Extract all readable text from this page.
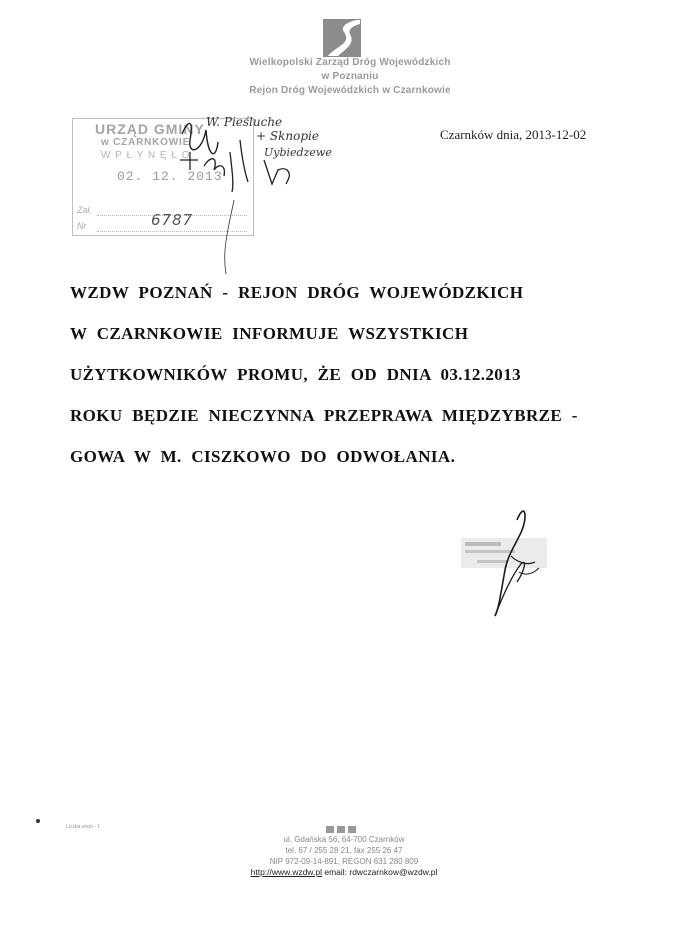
Wielkopolski Zarząd Dróg Wojewódzkich
w Poznaniu
Rejon Dróg Wojewódzkich w Czarnkowie
Czarnków dnia, 2013-12-02
URZĄD GMINY
w CZARNKOWIE
W P Ł Y N Ę Ł O
02. 12. 2013
Zał.
Nr	6787
W. Pieśluche
+ Sknopie
Uybiedzewe
WZDW POZNAŃ - REJON DRÓG WOJEWÓDZKICH
W CZARNKOWIE INFORMUJE WSZYSTKICH
UŻYTKOWNIKÓW PROMU, ŻE OD DNIA 03.12.2013
ROKU BĘDZIE NIECZYNNA PRZEPRAWA MIĘDZYBRZE -
GOWA W M. CISZKOWO DO ODWOŁANIA.
Liczba stron - 1
ul. Gdańska 56, 64-700 Czarnków
tel. 67 / 255 28 21, fax 255 26 47
NIP 972-09-14-891, REGON 631 280 809
http://www.wzdw.pl email: rdwczarnkow@wzdw.pl
